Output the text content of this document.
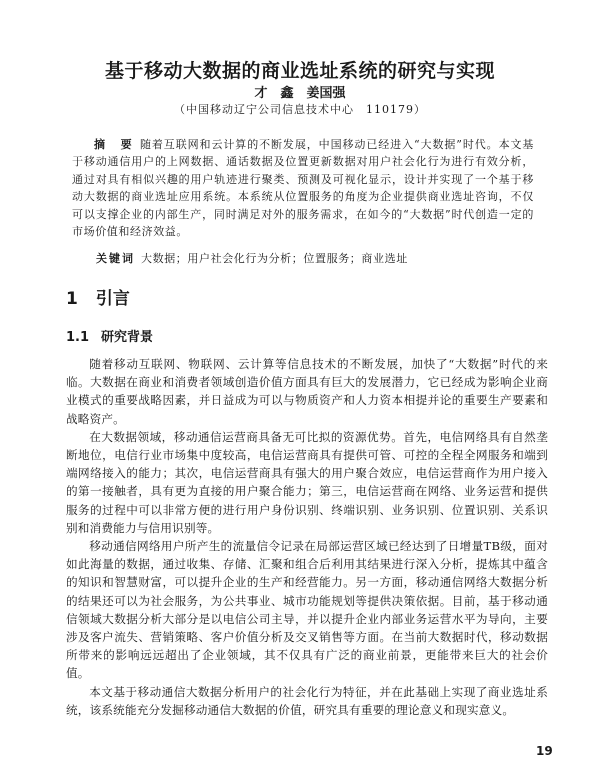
基于移动大数据的商业选址系统的研究与实现
才　鑫　姜国强
（中国移动辽宁公司信息技术中心　110179）
摘　要 随着互联网和云计算的不断发展，中国移动已经进入“大数据”时代。本文基于移动通信用户的上网数据、通话数据及位置更新数据对用户社会化行为进行有效分析，通过对具有相似兴趣的用户轨迹进行聚类、预测及可视化显示，设计并实现了一个基于移动大数据的商业选址应用系统。本系统从位置服务的角度为企业提供商业选址咨询，不仅可以支撑企业的内部生产，同时满足对外的服务需求，在如今的“大数据”时代创造一定的市场价值和经济效益。
关键词 大数据；用户社会化行为分析；位置服务；商业选址
1 引言
1.1 研究背景

随着移动互联网、物联网、云计算等信息技术的不断发展，加快了“大数据”时代的来临。大数据在商业和消费者领域创造价值方面具有巨大的发展潜力，它已经成为影响企业商业模式的重要战略因素，并日益成为可以与物质资产和人力资本相提并论的重要生产要素和战略资产。

在大数据领域，移动通信运营商具备无可比拟的资源优势。首先，电信网络具有自然垄断地位，电信行业市场集中度较高，电信运营商具有提供可管、可控的全程全网服务和端到端网络接入的能力；其次，电信运营商具有强大的用户聚合效应，电信运营商作为用户接入的第一接触者，具有更为直接的用户聚合能力；第三，电信运营商在网络、业务运营和提供服务的过程中可以非常方便的进行用户身份识别、终端识别、业务识别、位置识别、关系识别和消费能力与信用识别等。

移动通信网络用户所产生的流量信令记录在局部运营区域已经达到了日增量TB级，面对如此海量的数据，通过收集、存储、汇聚和组合后利用其结果进行深入分析，提炼其中蕴含的知识和智慧财富，可以提升企业的生产和经营能力。另一方面，移动通信网络大数据分析的结果还可以为社会服务，为公共事业、城市功能规划等提供决策依据。目前，基于移动通信领域大数据分析大部分是以电信公司主导，并以提升企业内部业务运营水平为导向，主要涉及客户流失、营销策略、客户价值分析及交叉销售等方面。在当前大数据时代，移动数据所带来的影响远远超出了企业领域，其不仅具有广泛的商业前景，更能带来巨大的社会价值。

本文基于移动通信大数据分析用户的社会化行为特征，并在此基础上实现了商业选址系统，该系统能充分发掘移动通信大数据的价值，研究具有重要的理论意义和现实意义。

19
